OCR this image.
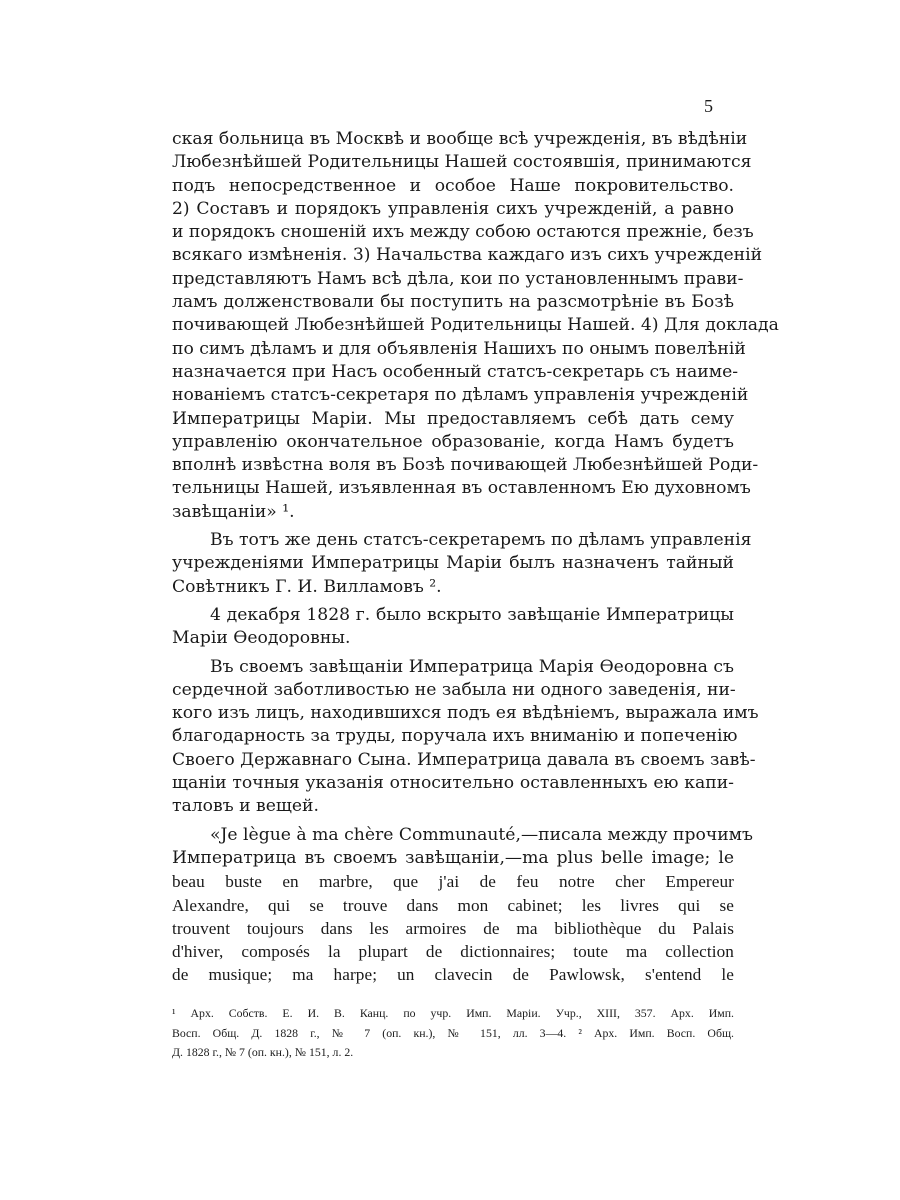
5
ская больница въ Москвѣ и вообще всѣ учрежденія, въ вѣдѣніи
Любезнѣйшей Родительницы Нашей состоявшія, принимаются
подъ непосредственное и особое Наше покровительство.
2) Составъ и порядокъ управленія сихъ учрежденій, а равно
и порядокъ сношеній ихъ между собою остаются прежніе, безъ
всякаго измѣненія. 3) Начальства каждаго изъ сихъ учрежденій
представляютъ Намъ всѣ дѣла, кои по установленнымъ прави-
ламъ долженствовали бы поступить на разсмотрѣніе въ Бозѣ
почивающей Любезнѣйшей Родительницы Нашей. 4) Для доклада
по симъ дѣламъ и для объявленія Нашихъ по онымъ повелѣній
назначается при Насъ особенный статсъ-секретарь съ наиме-
нованіемъ статсъ-секретаря по дѣламъ управленія учрежденій
Императрицы Маріи. Мы предоставляемъ себѣ дать сему
управленію окончательное образованіе, когда Намъ будетъ
вполнѣ извѣстна воля въ Бозѣ почивающей Любезнѣйшей Роди-
тельницы Нашей, изъявленная въ оставленномъ Ею духовномъ
завѣщаніи» ¹.
Въ тотъ же день статсъ-секретаремъ по дѣламъ управленія
учрежденіями Императрицы Маріи былъ назначенъ тайный
Совѣтникъ Г. И. Вилламовъ ².
4 декабря 1828 г. было вскрыто завѣщаніе Императрицы
Маріи Ѳеодоровны.
Въ своемъ завѣщаніи Императрица Марія Ѳеодоровна съ
сердечной заботливостью не забыла ни одного заведенія, ни-
кого изъ лицъ, находившихся подъ ея вѣдѣніемъ, выражала имъ
благодарность за труды, поручала ихъ вниманію и попеченію
Своего Державнаго Сына. Императрица давала въ своемъ завѣ-
щаніи точныя указанія относительно оставленныхъ ею капи-
таловъ и вещей.
«Je lègue à ma chère Communauté,—писала между прочимъ
Императрица въ своемъ завѣщаніи,—ma plus belle image; le
beau buste en marbre, que j'ai de feu notre cher Empereur
Alexandre, qui se trouve dans mon cabinet; les livres qui se
trouvent toujours dans les armoires de ma bibliothèque du Palais
d'hiver, composés la plupart de dictionnaires; toute ma collection
de musique; ma harpe; un clavecin de Pawlowsk, s'entend le
¹ Арх. Собств. Е. И. В. Канц. по учр. Имп. Маріи. Учр., XIII, 357. Арх. Имп.
Восп. Общ. Д. 1828 г., № 7 (оп. кн.), № 151, лл. 3—4. ² Арх. Имп. Восп. Общ.
Д. 1828 г., № 7 (оп. кн.), № 151, л. 2.
